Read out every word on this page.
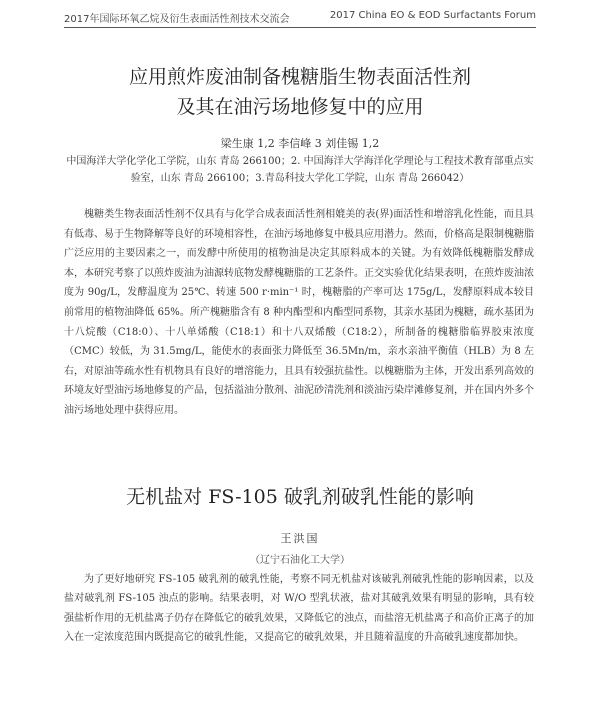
2017年国际环氧乙烷及衍生表面活性剂技术交流会	2017 China EO & EOD Surfactants Forum
应用煎炸废油制备槐糖脂生物表面活性剂
及其在油污场地修复中的应用
梁生康 1,2 李信峰 3 刘佳锡 1,2
中国海洋大学化学化工学院，山东 青岛 266100；2. 中国海洋大学海洋化学理论与工程技术教育部重点实验室，山东 青岛 266100；3.青岛科技大学化工学院，山东 青岛 266042）

槐糖类生物表面活性剂不仅具有与化学合成表面活性剂相媲美的表(界)面活性和增溶乳化性能，而且具有低毒、易于生物降解等良好的环境相容性，在油污场地修复中极具应用潜力。然而，价格高是限制槐糖脂广泛应用的主要因素之一，而发酵中所使用的植物油是决定其原料成本的关键。为有效降低槐糖脂发酵成本，本研究考察了以煎炸废油为油源转底物发酵槐糖脂的工艺条件。正交实验优化结果表明，在煎炸废油浓度为 90g/L，发酵温度为 25℃、转速 500 r·min⁻¹ 时，槐糖脂的产率可达 175g/L，发酵原料成本较目前常用的植物油降低 65%。所产槐糖脂含有 8 种内酯型和内酯型同系物，其亲水基团为槐糖，疏水基团为十八烷酸（C18:0）、十八单烯酸（C18:1）和十八双烯酸（C18:2），所制备的槐糖脂临界胶束浓度（CMC）较低，为 31.5mg/L，能使水的表面张力降低至 36.5Mn/m，亲水亲油平衡值（HLB）为 8 左右，对原油等疏水性有机物具有良好的增溶能力，且具有较强抗盐性。以槐糖脂为主体，开发出系列高效的环境友好型油污场地修复的产品，包括溢油分散剂、油泥砂清洗剂和淡油污染岸滩修复剂，并在国内外多个油污场地处理中获得应用。

无机盐对 FS-105 破乳剂破乳性能的影响
王洪国
（辽宁石油化工大学）

为了更好地研究 FS-105 破乳剂的破乳性能，考察不同无机盐对该破乳剂破乳性能的影响因素，以及盐对破乳剂 FS-105 浊点的影响。结果表明，对 W/O 型乳状液，盐对其破乳效果有明显的影响，具有较强盐析作用的无机盐离子仍存在降低它的破乳效果，又降低它的浊点，而盐溶无机盐离子和高价正离子的加入在一定浓度范围内既提高它的破乳性能，又提高它的破乳效果，并且随着温度的升高破乳速度都加快。
